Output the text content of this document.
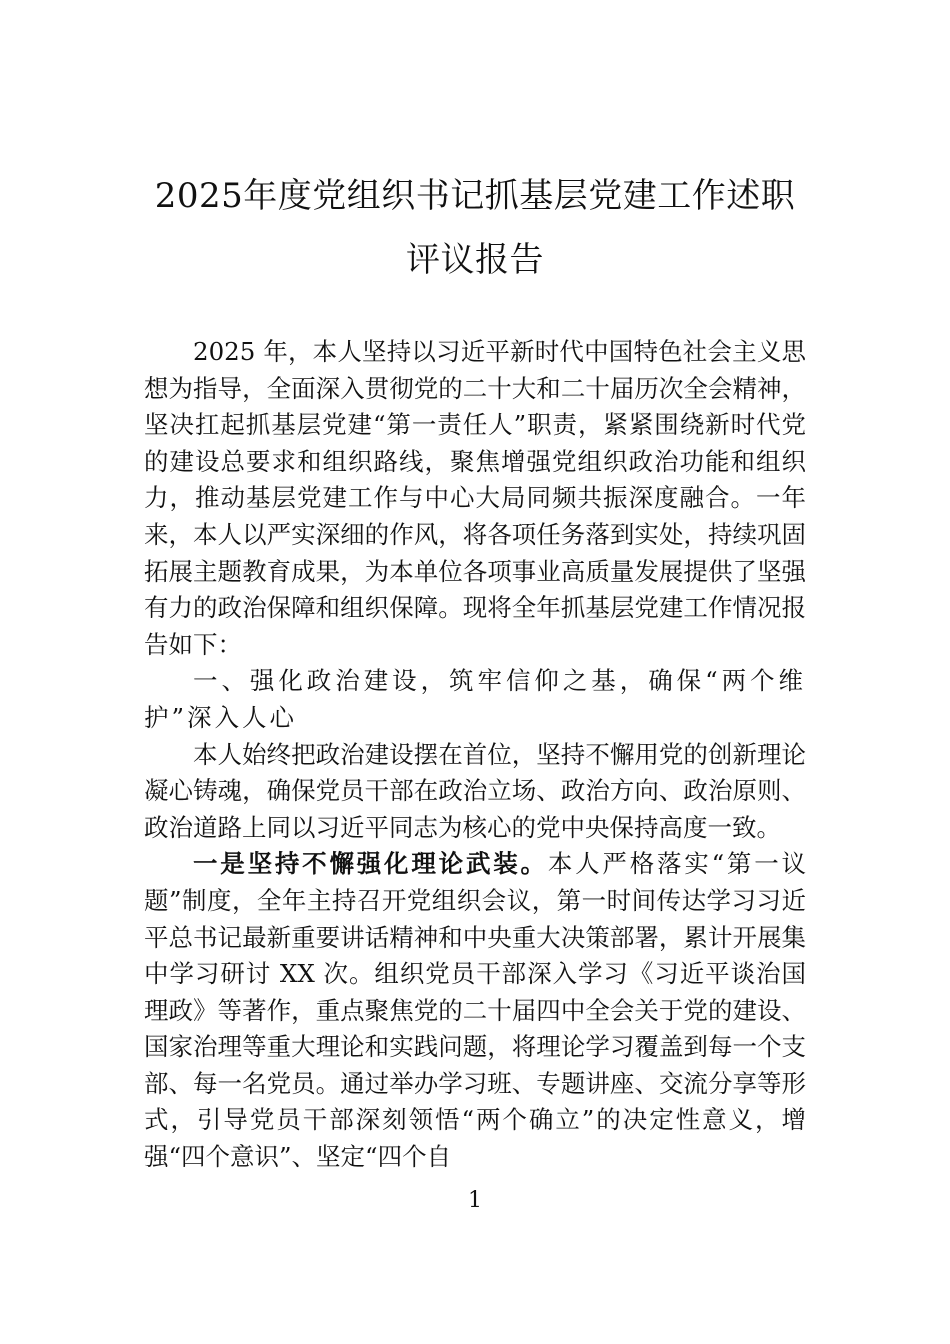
2025年度党组织书记抓基层党建工作述职
评议报告

2025 年，本人坚持以习近平新时代中国特色社会主义思想为指导，全面深入贯彻党的二十大和二十届历次全会精神，坚决扛起抓基层党建“第一责任人”职责，紧紧围绕新时代党的建设总要求和组织路线，聚焦增强党组织政治功能和组织力，推动基层党建工作与中心大局同频共振深度融合。一年来，本人以严实深细的作风，将各项任务落到实处，持续巩固拓展主题教育成果，为本单位各项事业高质量发展提供了坚强有力的政治保障和组织保障。现将全年抓基层党建工作情况报告如下：

一、强化政治建设，筑牢信仰之基，确保“两个维护”深入人心

本人始终把政治建设摆在首位，坚持不懈用党的创新理论凝心铸魂，确保党员干部在政治立场、政治方向、政治原则、政治道路上同以习近平同志为核心的党中央保持高度一致。

一是坚持不懈强化理论武装。本人严格落实“第一议题”制度，全年主持召开党组织会议，第一时间传达学习习近平总书记最新重要讲话精神和中央重大决策部署，累计开展集中学习研讨 XX 次。组织党员干部深入学习《习近平谈治国理政》等著作，重点聚焦党的二十届四中全会关于党的建设、国家治理等重大理论和实践问题，将理论学习覆盖到每一个支部、每一名党员。通过举办学习班、专题讲座、交流分享等形式，引导党员干部深刻领悟“两个确立”的决定性意义，增强“四个意识”、坚定“四个自

1
